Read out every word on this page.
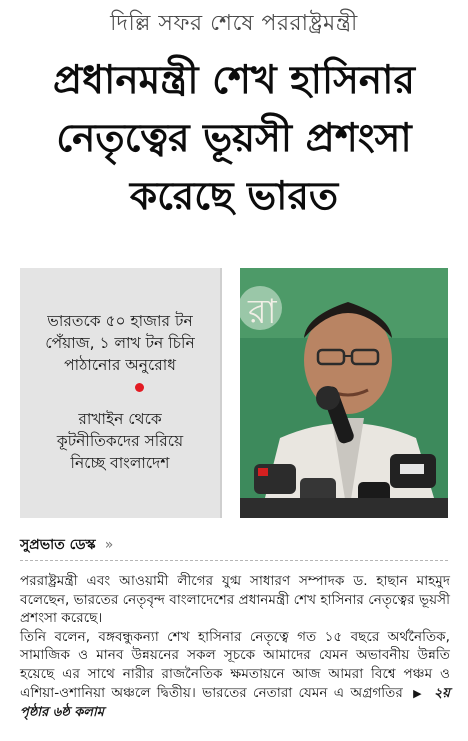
দিল্লি সফর শেষে পররাষ্ট্রমন্ত্রী
প্রধানমন্ত্রী শেখ হাসিনার
নেতৃত্বের ভূয়সী প্রশংসা
করেছে ভারত
ভারতকে ৫০ হাজার টন
পেঁয়াজ, ১ লাখ টন চিনি
পাঠানোর অনুরোধ
রাখাইন থেকে
কূটনীতিকদের সরিয়ে
নিচ্ছে বাংলাদেশ
রা
সুপ্রভাত ডেস্ক »

পররাষ্ট্রমন্ত্রী এবং আওয়ামী লীগের যুগ্ম সাধারণ সম্পাদক ড. হাছান মাহমুদ বলেছেন, ভারতের নেতৃবৃন্দ বাংলাদেশের প্রধানমন্ত্রী শেখ হাসিনার নেতৃত্বের ভূয়সী প্রশংসা করেছে।

তিনি বলেন, বঙ্গবন্ধুকন্যা শেখ হাসিনার নেতৃত্বে গত ১৫ বছরে অর্থনৈতিক, সামাজিক ও মানব উন্নয়নের সকল সূচকে আমাদের যেমন অভাবনীয় উন্নতি হয়েছে এর সাথে নারীর রাজনৈতিক ক্ষমতায়নে আজ আমরা বিশ্বে পঞ্চম ও এশিয়া-ওশানিয়া অঞ্চলে দ্বিতীয়। ভারতের নেতারা যেমন এ অগ্রগতির ▶ ২য় পৃষ্ঠার ৬ষ্ঠ কলাম
